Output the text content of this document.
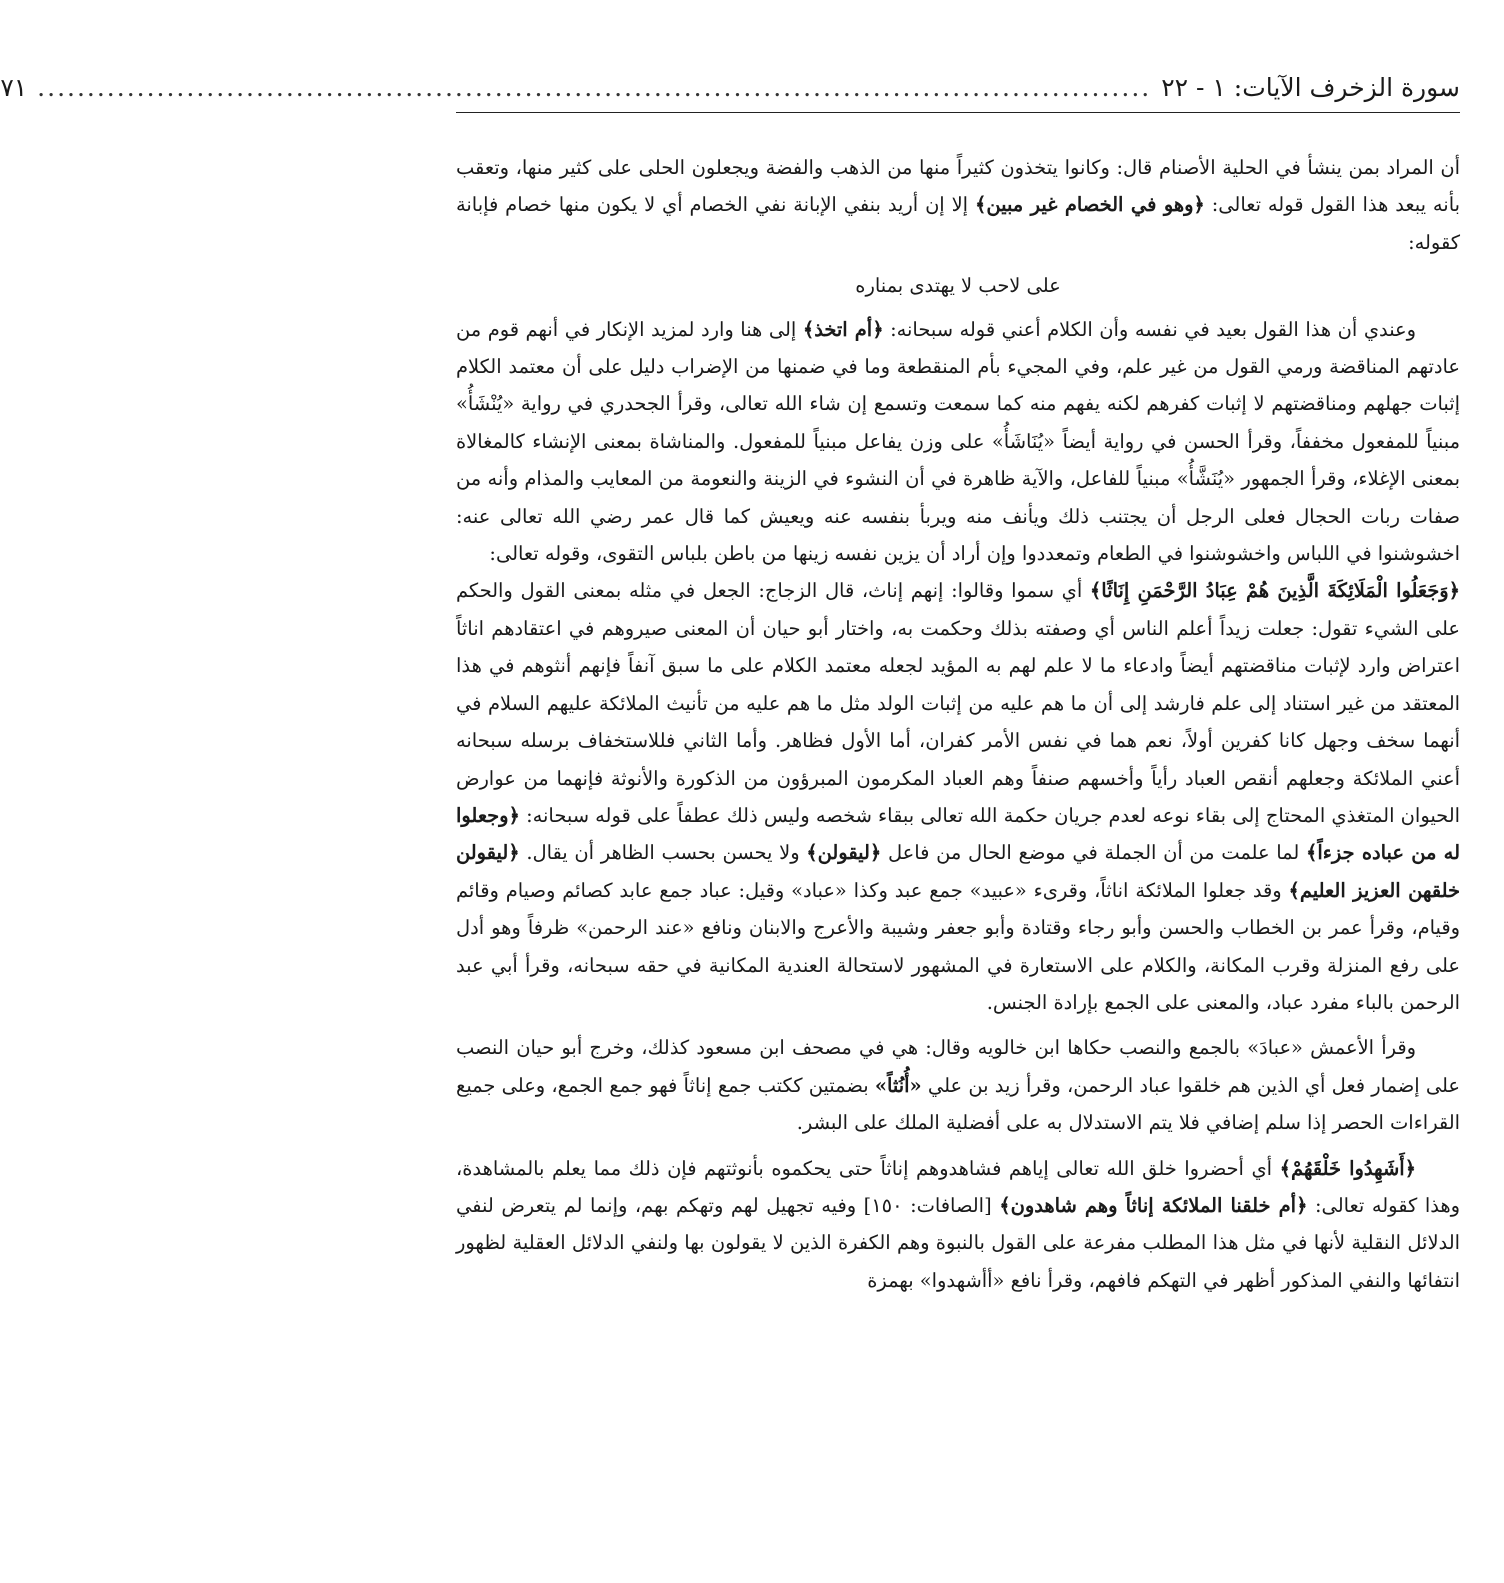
سورة الزخرف الآيات: ١ - ٢٢
................................................................................................................
٧١

أن المراد بمن ينشأ في الحلية الأصنام قال: وكانوا يتخذون كثيراً منها من الذهب والفضة ويجعلون الحلى على كثير منها، وتعقب بأنه يبعد هذا القول قوله تعالى: ﴿وهو في الخصام غير مبين﴾ إلا إن أريد بنفي الإبانة نفي الخصام أي لا يكون منها خصام فإبانة كقوله:

على لاحب لا يهتدى بمناره

وعندي أن هذا القول بعيد في نفسه وأن الكلام أعني قوله سبحانه: ﴿أم اتخذ﴾ إلى هنا وارد لمزيد الإنكار في أنهم قوم من عادتهم المناقضة ورمي القول من غير علم، وفي المجيء بأم المنقطعة وما في ضمنها من الإضراب دليل على أن معتمد الكلام إثبات جهلهم ومناقضتهم لا إثبات كفرهم لكنه يفهم منه كما سمعت وتسمع إن شاء الله تعالى، وقرأ الجحدري في رواية «يُنْشَأُ» مبنياً للمفعول مخففاً، وقرأ الحسن في رواية أيضاً «يُنَاشَأُ» على وزن يفاعل مبنياً للمفعول. والمناشاة بمعنى الإنشاء كالمغالاة بمعنى الإغلاء، وقرأ الجمهور «يُنَشَّأُ» مبنياً للفاعل، والآية ظاهرة في أن النشوء في الزينة والنعومة من المعايب والمذام وأنه من صفات ربات الحجال فعلى الرجل أن يجتنب ذلك ويأنف منه ويربأ بنفسه عنه ويعيش كما قال عمر رضي الله تعالى عنه: اخشوشنوا في اللباس واخشوشنوا في الطعام وتمعددوا وإن أراد أن يزين نفسه زينها من باطن بلباس التقوى، وقوله تعالى:

﴿وَجَعَلُوا الْمَلَائِكَةَ الَّذِينَ هُمْ عِبَادُ الرَّحْمَنِ إِنَاثًا﴾ أي سموا وقالوا: إنهم إناث، قال الزجاج: الجعل في مثله بمعنى القول والحكم على الشيء تقول: جعلت زيداً أعلم الناس أي وصفته بذلك وحكمت به، واختار أبو حيان أن المعنى صيروهم في اعتقادهم اناثاً اعتراض وارد لإثبات مناقضتهم أيضاً وادعاء ما لا علم لهم به المؤيد لجعله معتمد الكلام على ما سبق آنفاً فإنهم أنثوهم في هذا المعتقد من غير استناد إلى علم فارشد إلى أن ما هم عليه من إثبات الولد مثل ما هم عليه من تأنيث الملائكة عليهم السلام في أنهما سخف وجهل كانا كفرين أولاً، نعم هما في نفس الأمر كفران، أما الأول فظاهر. وأما الثاني فللاستخفاف برسله سبحانه أعني الملائكة وجعلهم أنقص العباد رأياً وأخسهم صنفاً وهم العباد المكرمون المبرؤون من الذكورة والأنوثة فإنهما من عوارض الحيوان المتغذي المحتاج إلى بقاء نوعه لعدم جريان حكمة الله تعالى ببقاء شخصه وليس ذلك عطفاً على قوله سبحانه: ﴿وجعلوا له من عباده جزءاً﴾ لما علمت من أن الجملة في موضع الحال من فاعل ﴿ليقولن﴾ ولا يحسن بحسب الظاهر أن يقال. ﴿ليقولن خلقهن العزيز العليم﴾ وقد جعلوا الملائكة اناثاً، وقرىء «عبيد» جمع عبد وكذا «عباد» وقيل: عباد جمع عابد كصائم وصيام وقائم وقيام، وقرأ عمر بن الخطاب والحسن وأبو رجاء وقتادة وأبو جعفر وشيبة والأعرج والابنان ونافع «عند الرحمن» ظرفاً وهو أدل على رفع المنزلة وقرب المكانة، والكلام على الاستعارة في المشهور لاستحالة العندية المكانية في حقه سبحانه، وقرأ أبي عبد الرحمن بالباء مفرد عباد، والمعنى على الجمع بإرادة الجنس.

وقرأ الأعمش «عبادَ» بالجمع والنصب حكاها ابن خالويه وقال: هي في مصحف ابن مسعود كذلك، وخرج أبو حيان النصب على إضمار فعل أي الذين هم خلقوا عباد الرحمن، وقرأ زيد بن علي «أُنُثاً» بضمتين ككتب جمع إناثاً فهو جمع الجمع، وعلى جميع القراءات الحصر إذا سلم إضافي فلا يتم الاستدلال به على أفضلية الملك على البشر.

﴿أَشَهِدُوا خَلْقَهُمْ﴾ أي أحضروا خلق الله تعالى إياهم فشاهدوهم إناثاً حتى يحكموه بأنوثتهم فإن ذلك مما يعلم بالمشاهدة، وهذا كقوله تعالى: ﴿أم خلقنا الملائكة إناثاً وهم شاهدون﴾ [الصافات: ١٥٠] وفيه تجهيل لهم وتهكم بهم، وإنما لم يتعرض لنفي الدلائل النقلية لأنها في مثل هذا المطلب مفرعة على القول بالنبوة وهم الكفرة الذين لا يقولون بها ولنفي الدلائل العقلية لظهور انتفائها والنفي المذكور أظهر في التهكم فافهم، وقرأ نافع «أأشهدوا» بهمزة
